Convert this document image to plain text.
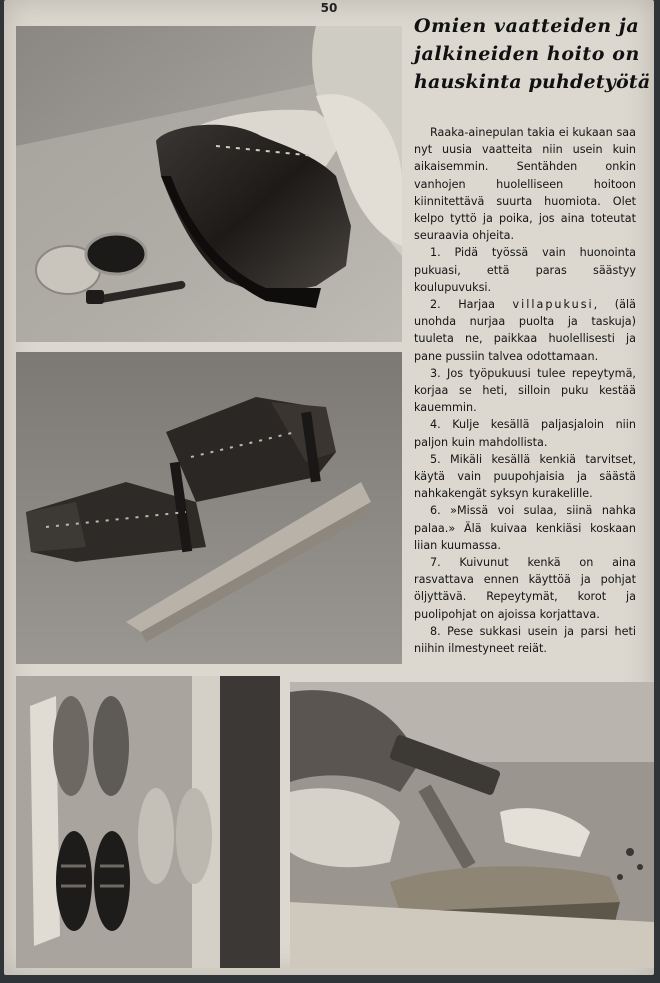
50
Omien vaatteiden ja
jalkineiden hoito on
hauskinta puhdetyötä

Raaka-ainepulan takia ei kukaan saa nyt uusia vaatteita niin usein kuin aikaisemmin. Sentähden onkin vanhojen huolelliseen hoitoon kiinnitettävä suurta huomiota. Olet kelpo tyttö ja poika, jos aina toteutat seuraavia ohjeita.

1. Pidä työssä vain huonointa pukuasi, että paras säästyy koulupuvuksi.

2. Harjaa villapukusi, (älä unohda nurjaa puolta ja taskuja) tuuleta ne, paikkaa huolellisesti ja pane pussiin talvea odottamaan.

3. Jos työpukuusi tulee repeytymä, korjaa se heti, silloin puku kestää kauemmin.

4. Kulje kesällä paljasjaloin niin paljon kuin mahdollista.

5. Mikäli kesällä kenkiä tarvitset, käytä vain puupohjaisia ja säästä nahkakengät syksyn kurakelille.

6. »Missä voi sulaa, siinä nahka palaa.» Älä kuivaa kenkiäsi koskaan liian kuumassa.

7. Kuivunut kenkä on aina rasvattava ennen käyttöä ja pohjat öljyttävä. Repeytymät, korot ja puolipohjat on ajoissa korjattava.

8. Pese sukkasi usein ja parsi heti niihin ilmestyneet reiät.
